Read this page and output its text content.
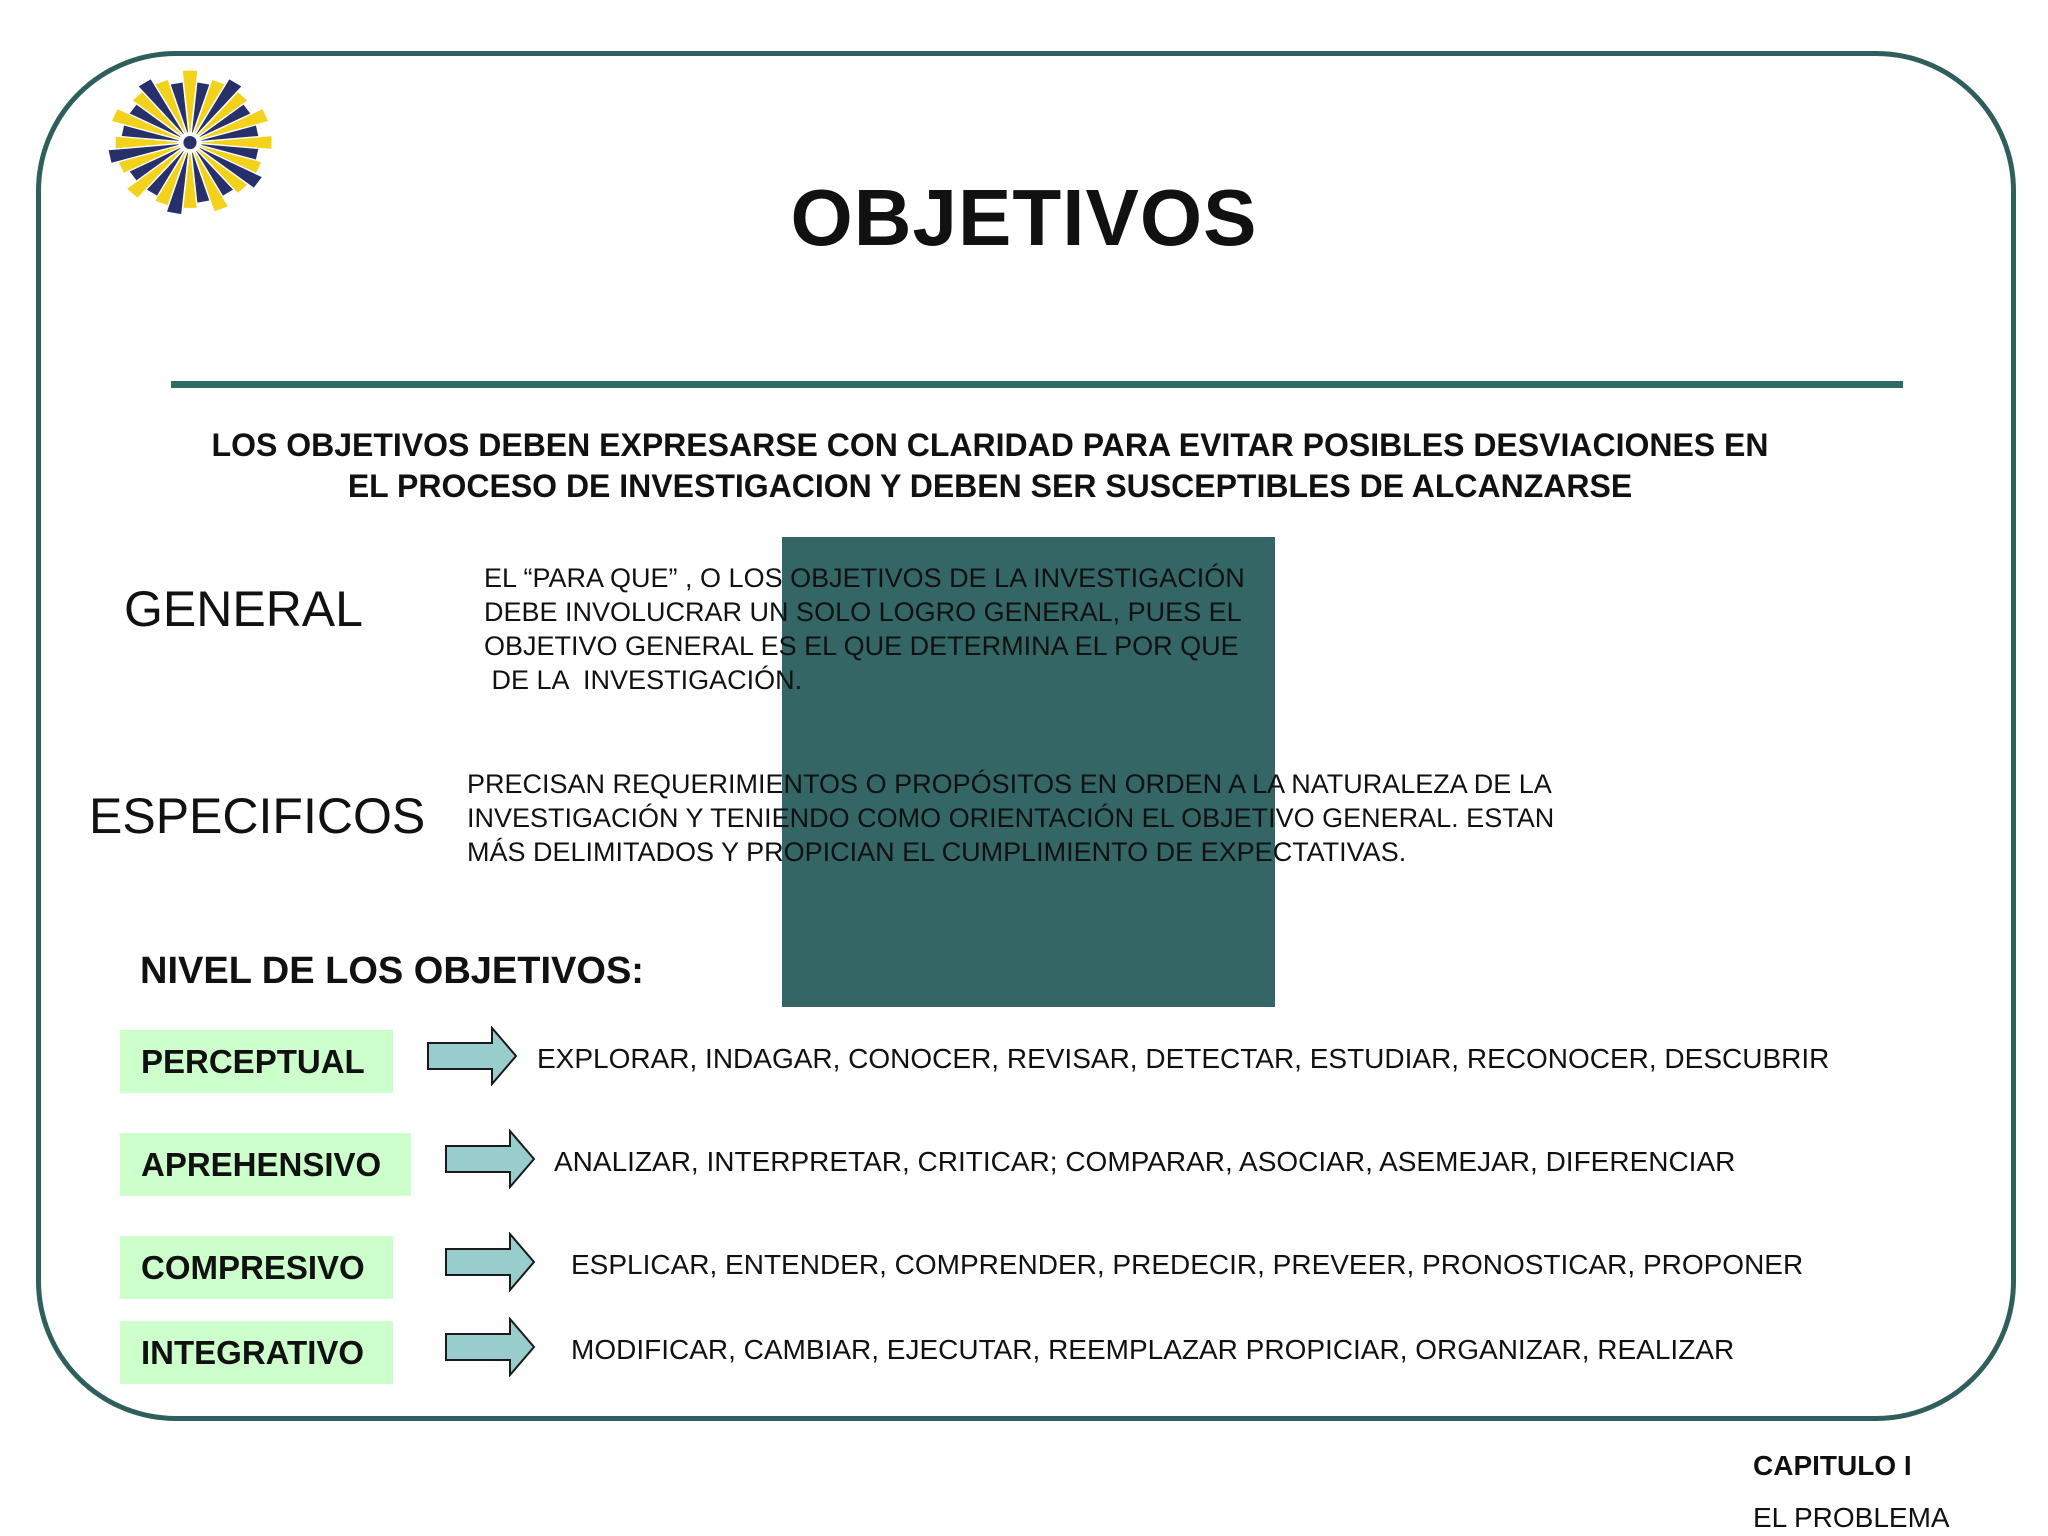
OBJETIVOS
LOS OBJETIVOS DEBEN EXPRESARSE CON CLARIDAD PARA EVITAR POSIBLES DESVIACIONES EN
EL PROCESO DE INVESTIGACION Y DEBEN SER SUSCEPTIBLES DE ALCANZARSE
GENERAL
EL “PARA QUE” , O LOS OBJETIVOS DE LA INVESTIGACIÓN
DEBE INVOLUCRAR UN SOLO LOGRO GENERAL, PUES EL
OBJETIVO GENERAL ES EL QUE DETERMINA EL POR QUE
DE LA  INVESTIGACIÓN.
ESPECIFICOS
PRECISAN REQUERIMIENTOS O PROPÓSITOS EN ORDEN A LA NATURALEZA DE LA
INVESTIGACIÓN Y TENIENDO COMO ORIENTACIÓN EL OBJETIVO GENERAL. ESTAN
MÁS DELIMITADOS Y PROPICIAN EL CUMPLIMIENTO DE EXPECTATIVAS.
NIVEL DE LOS OBJETIVOS:
PERCEPTUAL	EXPLORAR, INDAGAR, CONOCER, REVISAR, DETECTAR, ESTUDIAR, RECONOCER, DESCUBRIR
APREHENSIVO	ANALIZAR, INTERPRETAR, CRITICAR; COMPARAR, ASOCIAR, ASEMEJAR, DIFERENCIAR
COMPRESIVO	ESPLICAR, ENTENDER, COMPRENDER, PREDECIR, PREVEER, PRONOSTICAR, PROPONER
INTEGRATIVO	MODIFICAR, CAMBIAR, EJECUTAR, REEMPLAZAR PROPICIAR, ORGANIZAR, REALIZAR
CAPITULO I
EL PROBLEMA
